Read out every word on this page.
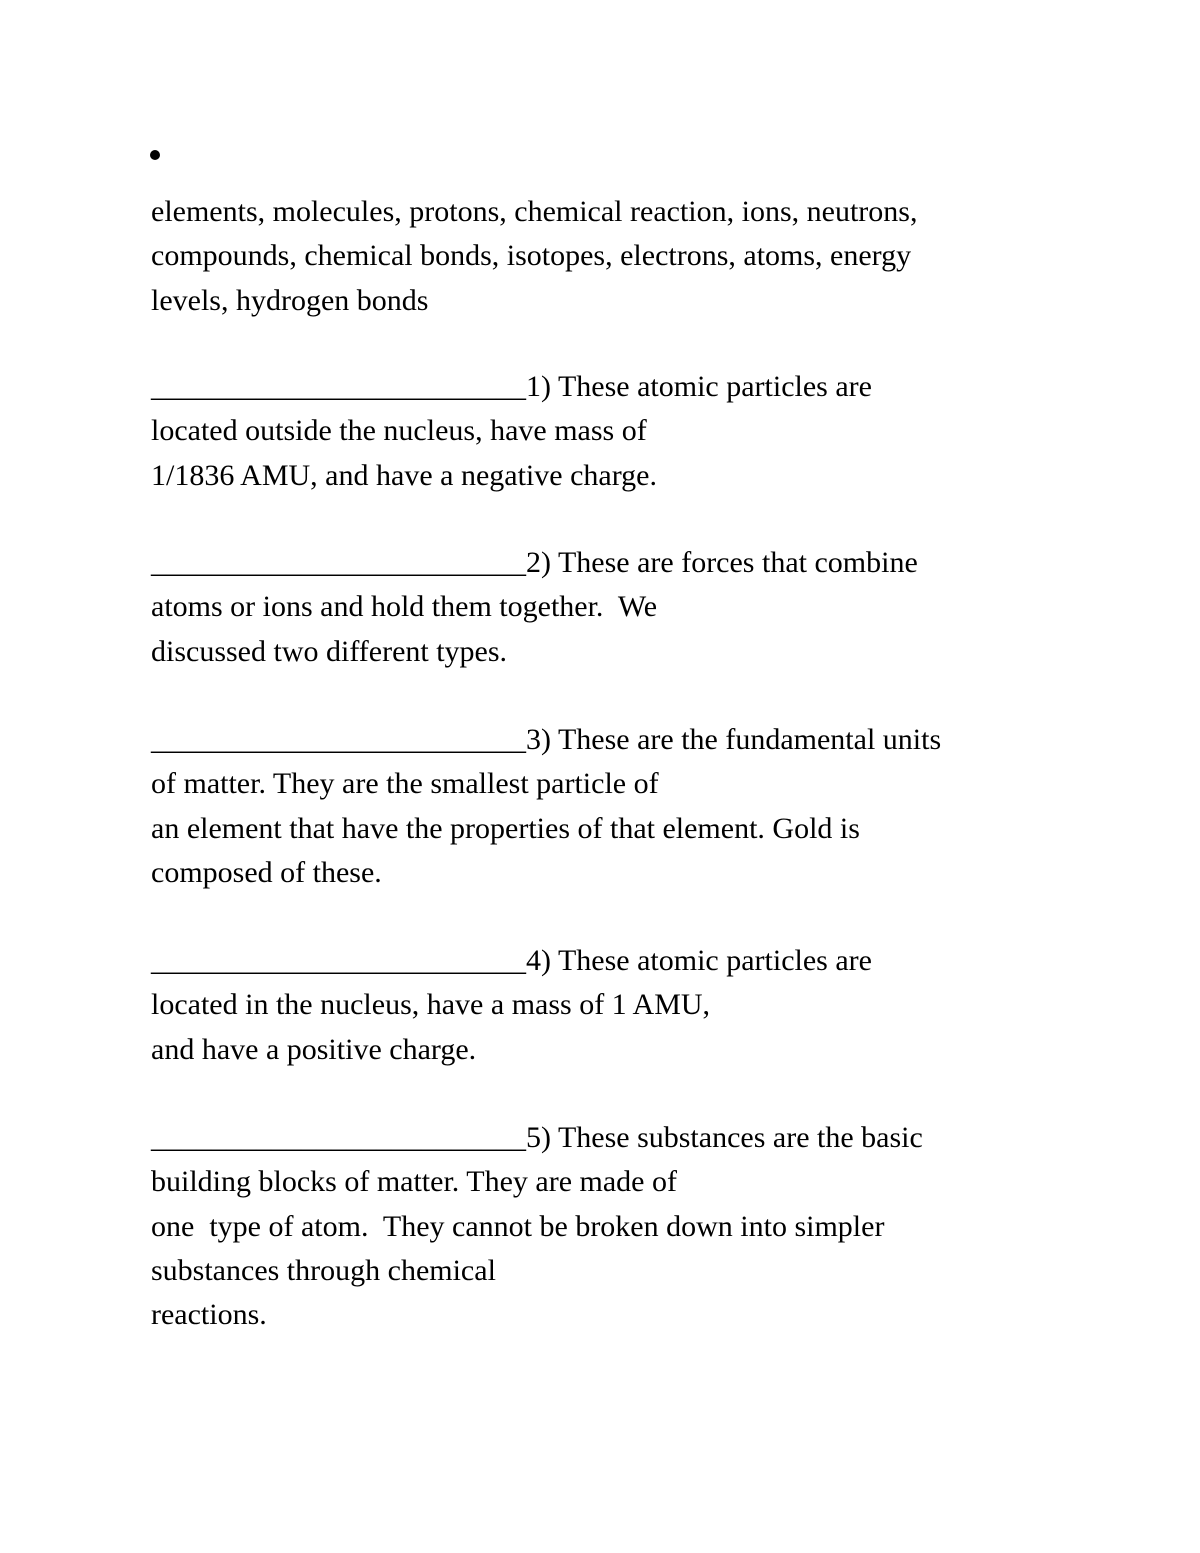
elements, molecules, protons, chemical reaction, ions, neutrons,
compounds, chemical bonds, isotopes, electrons, atoms, energy
levels, hydrogen bonds
_________________________1) These atomic particles are
located outside the nucleus, have mass of
1/1836 AMU, and have a negative charge.
_________________________2) These are forces that combine
atoms or ions and hold them together.  We
discussed two different types.
_________________________3) These are the fundamental units
of matter. They are the smallest particle of
an element that have the properties of that element. Gold is
composed of these.
_________________________4) These atomic particles are
located in the nucleus, have a mass of 1 AMU,
and have a positive charge.
_________________________5) These substances are the basic
building blocks of matter. They are made of
one  type of atom.  They cannot be broken down into simpler
substances through chemical
reactions.
